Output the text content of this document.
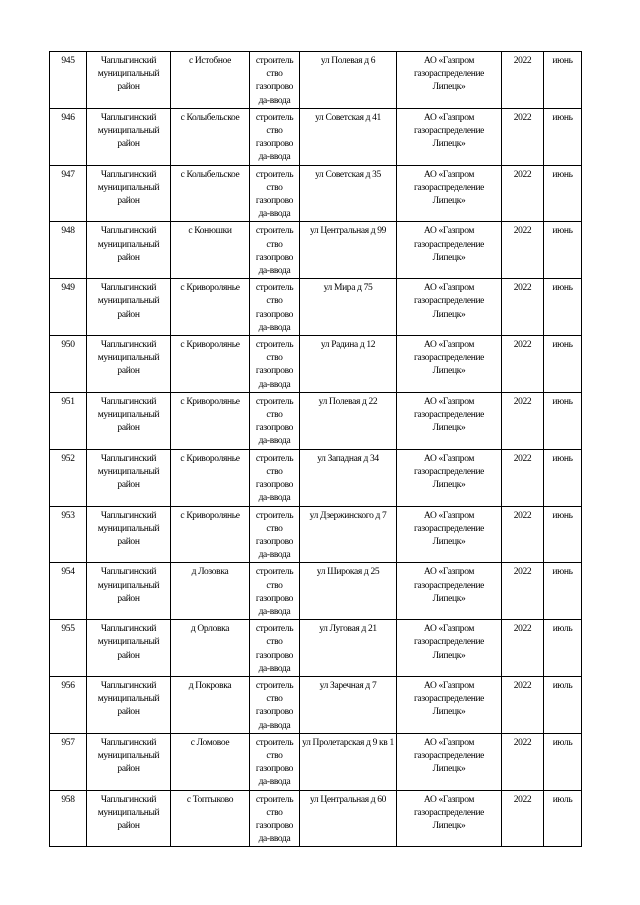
945	Чаплыгинский муниципальный район	с Истобное	строитель ство газопрово да-ввода	ул Полевая д 6	АО «Газпром газораспределение Липецк»	2022	июнь
946	Чаплыгинский муниципальный район	с Колыбельское	строитель ство газопрово да-ввода	ул Советская д 41	АО «Газпром газораспределение Липецк»	2022	июнь
947	Чаплыгинский муниципальный район	с Колыбельское	строитель ство газопрово да-ввода	ул Советская д 35	АО «Газпром газораспределение Липецк»	2022	июнь
948	Чаплыгинский муниципальный район	с Конюшки	строитель ство газопрово да-ввода	ул Центральная д 99	АО «Газпром газораспределение Липецк»	2022	июнь
949	Чаплыгинский муниципальный район	с Криворолянье	строитель ство газопрово да-ввода	ул Мира д 75	АО «Газпром газораспределение Липецк»	2022	июнь
950	Чаплыгинский муниципальный район	с Криворолянье	строитель ство газопрово да-ввода	ул Радина д 12	АО «Газпром газораспределение Липецк»	2022	июнь
951	Чаплыгинский муниципальный район	с Криворолянье	строитель ство газопрово да-ввода	ул Полевая д 22	АО «Газпром газораспределение Липецк»	2022	июнь
952	Чаплыгинский муниципальный район	с Криворолянье	строитель ство газопрово да-ввода	ул Западная д 34	АО «Газпром газораспределение Липецк»	2022	июнь
953	Чаплыгинский муниципальный район	с Криворолянье	строитель ство газопрово да-ввода	ул Дзержинского д 7	АО «Газпром газораспределение Липецк»	2022	июнь
954	Чаплыгинский муниципальный район	д Лозовка	строитель ство газопрово да-ввода	ул Широкая д 25	АО «Газпром газораспределение Липецк»	2022	июнь
955	Чаплыгинский муниципальный район	д Орловка	строитель ство газопрово да-ввода	ул Луговая д 21	АО «Газпром газораспределение Липецк»	2022	июль
956	Чаплыгинский муниципальный район	д Покровка	строитель ство газопрово да-ввода	ул Заречная д 7	АО «Газпром газораспределение Липецк»	2022	июль
957	Чаплыгинский муниципальный район	с Ломовое	строитель ство газопрово да-ввода	ул Пролетарская д 9 кв 1	АО «Газпром газораспределение Липецк»	2022	июль
958	Чаплыгинский муниципальный район	с Топтыково	строитель ство газопрово да-ввода	ул Центральная д 60	АО «Газпром газораспределение Липецк»	2022	июль
